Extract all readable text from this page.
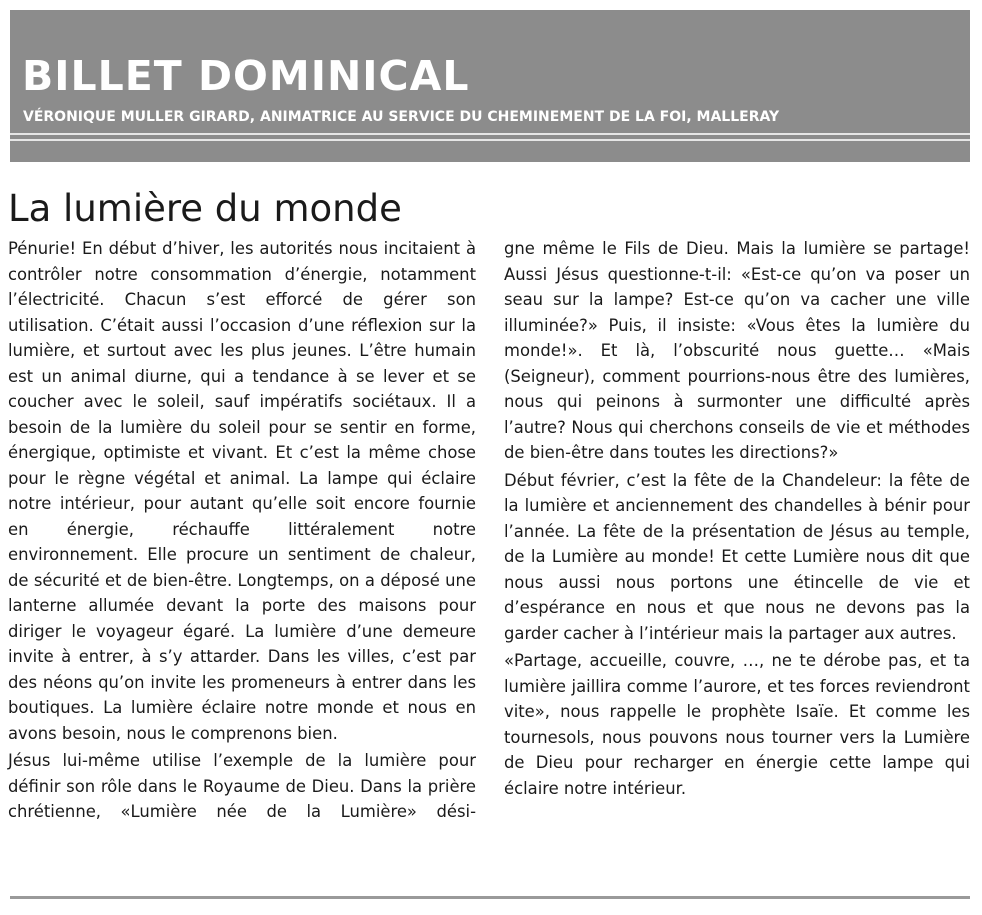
BILLET DOMINICAL
VÉRONIQUE MULLER GIRARD, ANIMATRICE AU SERVICE DU CHEMINEMENT DE LA FOI, MALLERAY
La lumière du monde

Pénurie! En début d’hiver, les autorités nous incitaient à contrôler notre consommation d’énergie, notamment l’électricité. Chacun s’est efforcé de gérer son utilisation. C’était aussi l’occasion d’une réflexion sur la lumière, et surtout avec les plus jeunes. L’être humain est un animal diurne, qui a tendance à se lever et se coucher avec le soleil, sauf impératifs sociétaux. Il a besoin de la lumière du soleil pour se sentir en forme, énergique, optimiste et vivant. Et c’est la même chose pour le règne végétal et animal. La lampe qui éclaire notre intérieur, pour autant qu’elle soit encore fournie en énergie, réchauffe littéralement notre environnement. Elle procure un sentiment de chaleur, de sécurité et de bien-être. Longtemps, on a déposé une lanterne allumée devant la porte des maisons pour diriger le voyageur égaré. La lumière d’une demeure invite à entrer, à s’y attarder. Dans les villes, c’est par des néons qu’on invite les promeneurs à entrer dans les boutiques. La lumière éclaire notre monde et nous en avons besoin, nous le comprenons bien.

Jésus lui-même utilise l’exemple de la lumière pour définir son rôle dans le Royaume de Dieu. Dans la prière chrétienne, «Lumière née de la Lumière» dési-

gne même le Fils de Dieu. Mais la lumière se partage! Aussi Jésus questionne-t-il: «Est-ce qu’on va poser un seau sur la lampe? Est-ce qu’on va cacher une ville illuminée?» Puis, il insiste: «Vous êtes la lumière du monde!». Et là, l’obscurité nous guette… «Mais (Seigneur), comment pourrions-nous être des lumières, nous qui peinons à surmonter une difficulté après l’autre? Nous qui cherchons conseils de vie et méthodes de bien-être dans toutes les directions?»

Début février, c’est la fête de la Chandeleur: la fête de la lumière et anciennement des chandelles à bénir pour l’année. La fête de la présentation de Jésus au temple, de la Lumière au monde! Et cette Lumière nous dit que nous aussi nous portons une étincelle de vie et d’espérance en nous et que nous ne devons pas la garder cacher à l’intérieur mais la partager aux autres.

«Partage, accueille, couvre, …, ne te dérobe pas, et ta lumière jaillira comme l’aurore, et tes forces reviendront vite», nous rappelle le prophète Isaïe. Et comme les tournesols, nous pouvons nous tourner vers la Lumière de Dieu pour recharger en énergie cette lampe qui éclaire notre intérieur.
